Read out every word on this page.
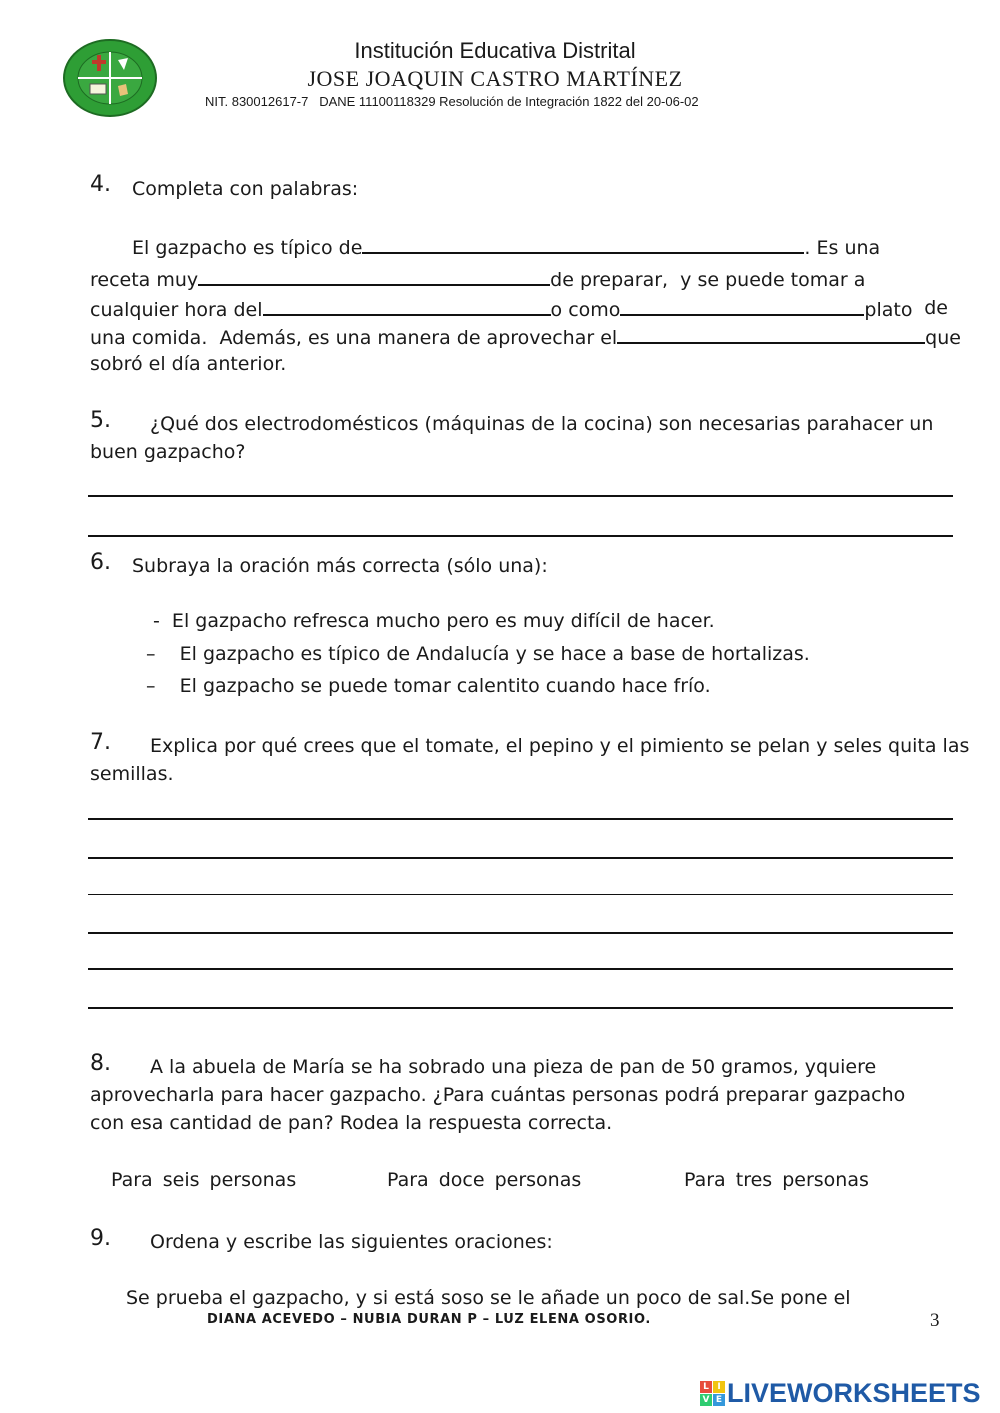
Institución Educativa Distrital
JOSE JOAQUIN CASTRO MARTÍNEZ
NIT. 830012617-7   DANE 11100118329 Resolución de Integración 1822 del 20-06-02
4. Completa con palabras:
El gazpacho es típico de	. Es una
receta muy	de preparar,  y se puede tomar a
cualquier hora del	o como	plato de
una comida.  Además, es una manera de aprovechar el	que
sobró el día anterior.
5. ¿Qué dos electrodomésticos (máquinas de la cocina) son necesarias parahacer un
buen gazpacho?
6. Subraya la oración más correcta (sólo una):
-  El gazpacho refresca mucho pero es muy difícil de hacer.
–    El gazpacho es típico de Andalucía y se hace a base de hortalizas.
–    El gazpacho se puede tomar calentito cuando hace frío.
7. Explica por qué crees que el tomate, el pepino y el pimiento se pelan y seles quita las
semillas.
8. A la abuela de María se ha sobrado una pieza de pan de 50 gramos, yquiere
aprovecharla para hacer gazpacho. ¿Para cuántas personas podrá preparar gazpacho
con esa cantidad de pan? Rodea la respuesta correcta.
Para seis personas	Para doce personas	Para tres personas
9. Ordena y escribe las siguientes oraciones:
Se prueba el gazpacho, y si está soso se le añade un poco de sal.Se pone el
DIANA ACEVEDO – NUBIA DURAN P – LUZ ELENA OSORIO.	3
L I
V E LIVEWORKSHEETS
